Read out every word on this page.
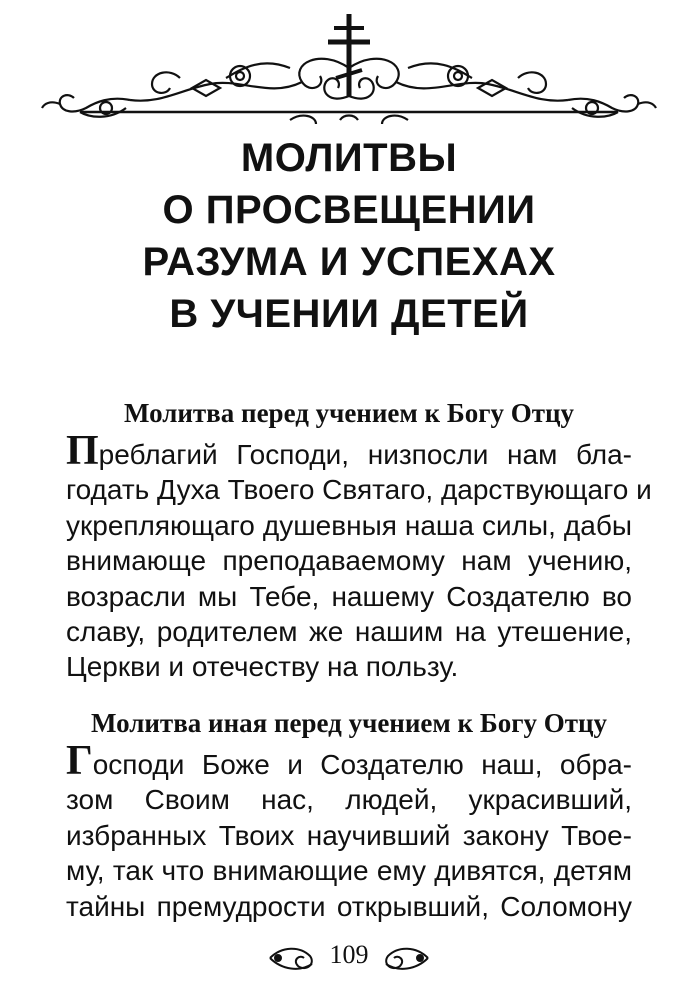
МОЛИТВЫ
О ПРОСВЕЩЕНИИ
РАЗУМА И УСПЕХАХ
В УЧЕНИИ ДЕТЕЙ
Молитва перед учением к Богу Отцу
Преблагий Господи, низпосли нам бла-
годать Духа Твоего Святаго, дарствующаго и
укрепляющаго душевныя наша силы, дабы
внимающе преподаваемому нам учению,
возрасли мы Тебе, нашему Создателю во
славу, родителем же нашим на утешение,
Церкви и отечеству на пользу.
Молитва иная перед учением к Богу Отцу
Господи Боже и Создателю наш, обра-
зом Своим нас, людей, украсивший,
избранных Твоих научивший закону Твое-
му, так что внимающие ему дивятся, детям
тайны премудрости открывший, Соломону
109
